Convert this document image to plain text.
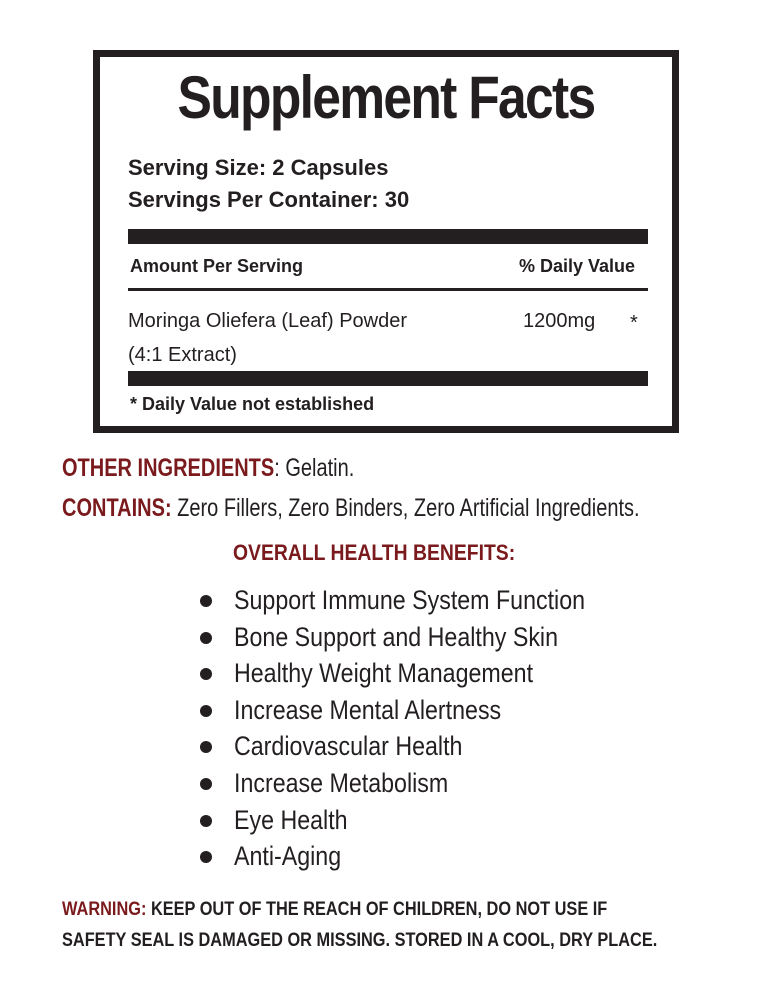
Supplement Facts
Serving Size: 2 Capsules
Servings Per Container: 30
Amount Per Serving	% Daily Value
Moringa Oliefera (Leaf) Powder
(4:1 Extract)
1200mg *
* Daily Value not established
OTHER INGREDIENTS: Gelatin.
CONTAINS: Zero Fillers, Zero Binders, Zero Artificial Ingredients.
OVERALL HEALTH BENEFITS:
Support Immune System Function
Bone Support and Healthy Skin
Healthy Weight Management
Increase Mental Alertness
Cardiovascular Health
Increase Metabolism
Eye Health
Anti-Aging
WARNING: KEEP OUT OF THE REACH OF CHILDREN, DO NOT USE IF
SAFETY SEAL IS DAMAGED OR MISSING. STORED IN A COOL, DRY PLACE.
